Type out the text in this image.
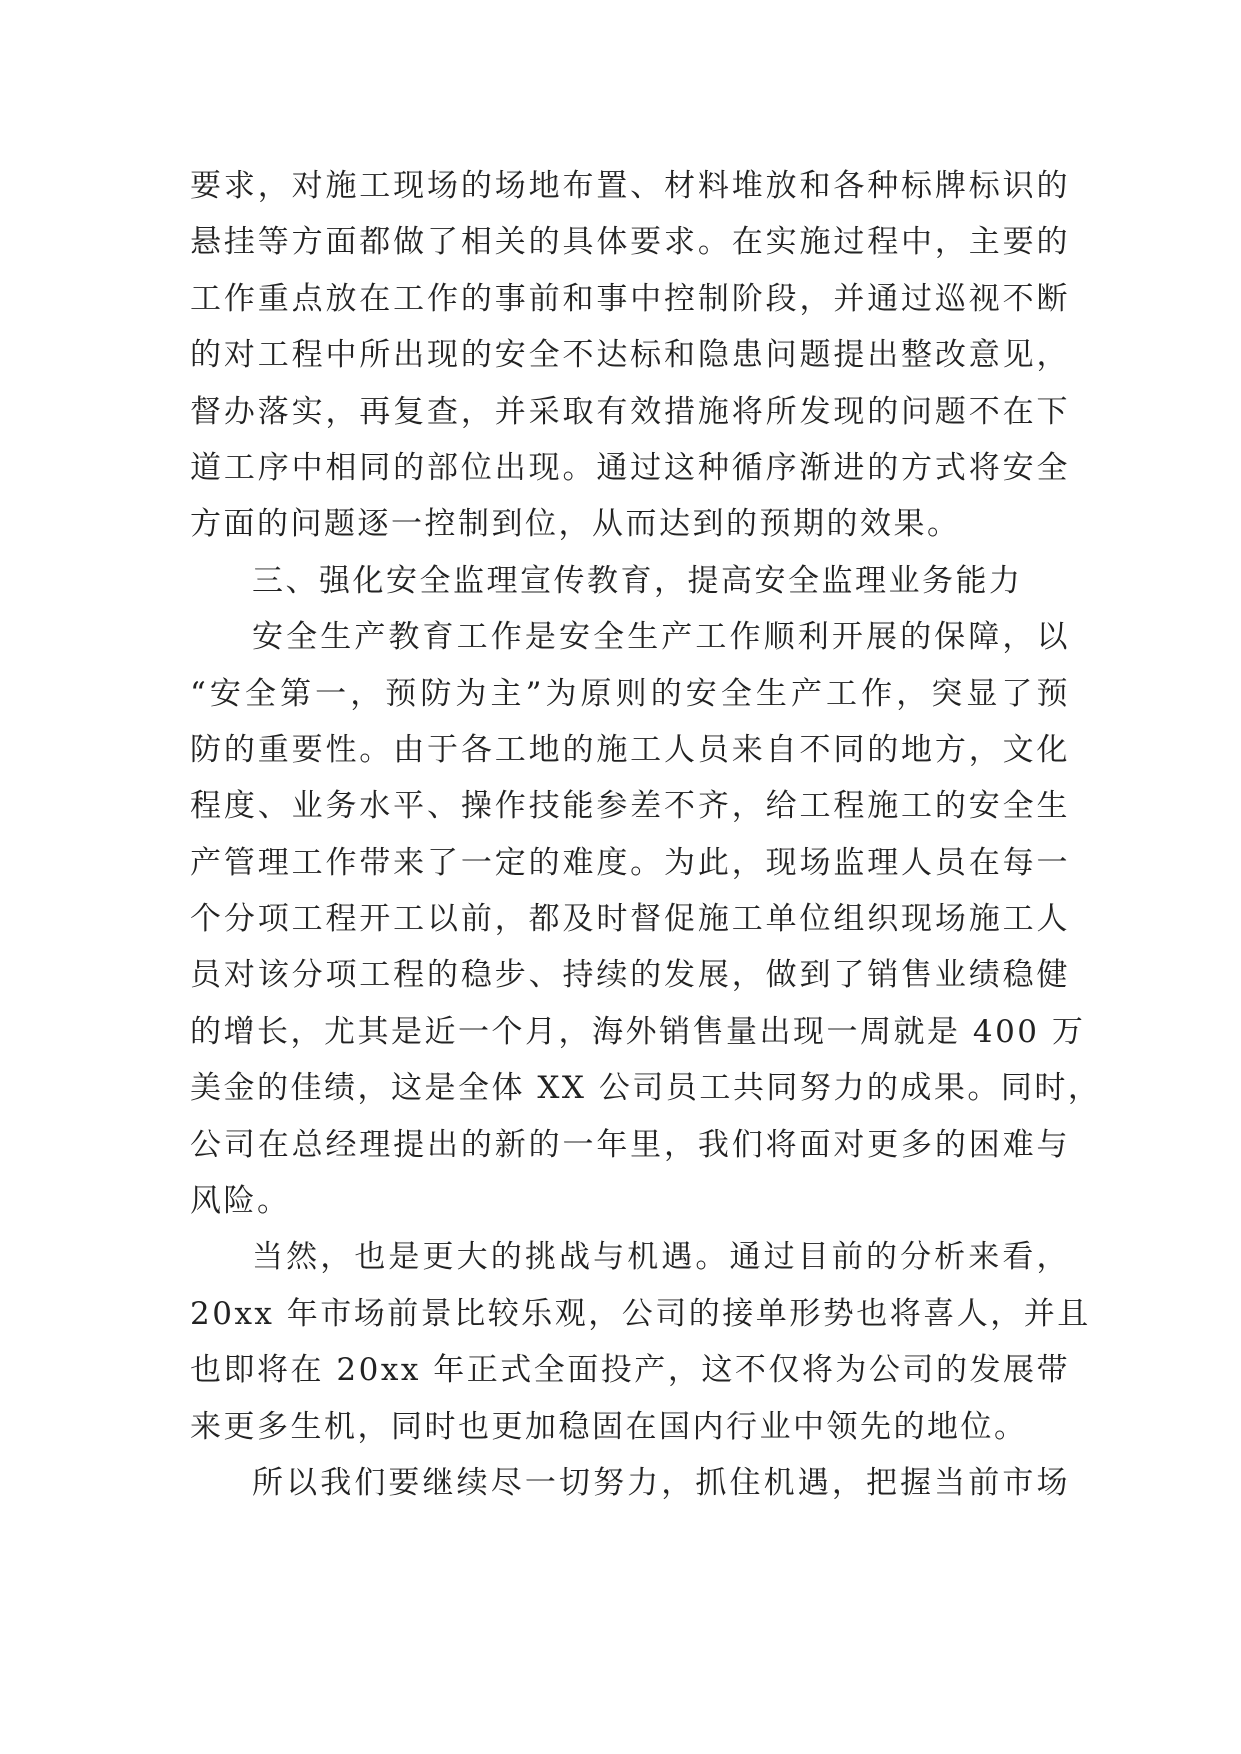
要求，对施工现场的场地布置、材料堆放和各种标牌标识的
悬挂等方面都做了相关的具体要求。在实施过程中，主要的
工作重点放在工作的事前和事中控制阶段，并通过巡视不断
的对工程中所出现的安全不达标和隐患问题提出整改意见，
督办落实，再复查，并采取有效措施将所发现的问题不在下
道工序中相同的部位出现。通过这种循序渐进的方式将安全
方面的问题逐一控制到位，从而达到的预期的效果。
三、强化安全监理宣传教育，提高安全监理业务能力
安全生产教育工作是安全生产工作顺利开展的保障，以
“安全第一，预防为主”为原则的安全生产工作，突显了预
防的重要性。由于各工地的施工人员来自不同的地方，文化
程度、业务水平、操作技能参差不齐，给工程施工的安全生
产管理工作带来了一定的难度。为此，现场监理人员在每一
个分项工程开工以前，都及时督促施工单位组织现场施工人
员对该分项工程的稳步、持续的发展，做到了销售业绩稳健
的增长，尤其是近一个月，海外销售量出现一周就是 400 万
美金的佳绩，这是全体 XX 公司员工共同努力的成果。同时，
公司在总经理提出的新的一年里，我们将面对更多的困难与
风险。
当然，也是更大的挑战与机遇。通过目前的分析来看，
20xx 年市场前景比较乐观，公司的接单形势也将喜人，并且
也即将在 20xx 年正式全面投产，这不仅将为公司的发展带
来更多生机，同时也更加稳固在国内行业中领先的地位。
所以我们要继续尽一切努力，抓住机遇，把握当前市场
